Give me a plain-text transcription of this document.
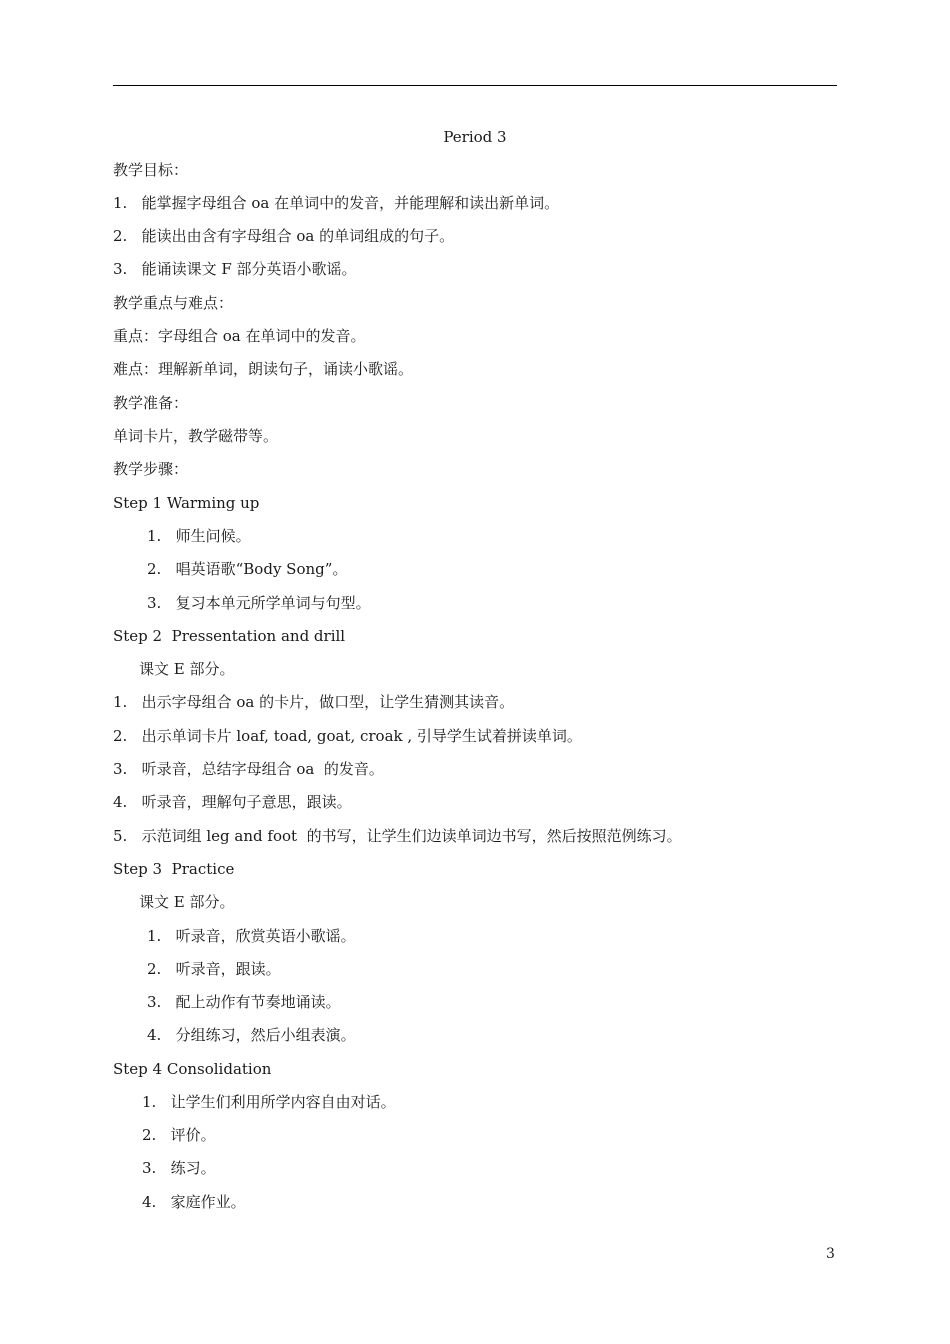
Period 3
教学目标：
1.   能掌握字母组合 oa 在单词中的发音，并能理解和读出新单词。
2.   能读出由含有字母组合 oa 的单词组成的句子。
3.   能诵读课文 F 部分英语小歌谣。
教学重点与难点：
重点：字母组合 oa 在单词中的发音。
难点：理解新单词，朗读句子，诵读小歌谣。
教学准备：
单词卡片，教学磁带等。
教学步骤：
Step 1 Warming up
1.   师生问候。
2.   唱英语歌“Body Song”。
3.   复习本单元所学单词与句型。
Step 2  Pressentation and drill
课文 E 部分。
1.   出示字母组合 oa 的卡片，做口型，让学生猜测其读音。
2.   出示单词卡片 loaf, toad, goat, croak , 引导学生试着拼读单词。
3.   听录音，总结字母组合 oa  的发音。
4.   听录音，理解句子意思，跟读。
5.   示范词组 leg and foot  的书写，让学生们边读单词边书写，然后按照范例练习。
Step 3  Practice
课文 E 部分。
1.   听录音，欣赏英语小歌谣。
2.   听录音，跟读。
3.   配上动作有节奏地诵读。
4.   分组练习，然后小组表演。
Step 4 Consolidation
1.   让学生们利用所学内容自由对话。
2.   评价。
3.   练习。
4.   家庭作业。
3
